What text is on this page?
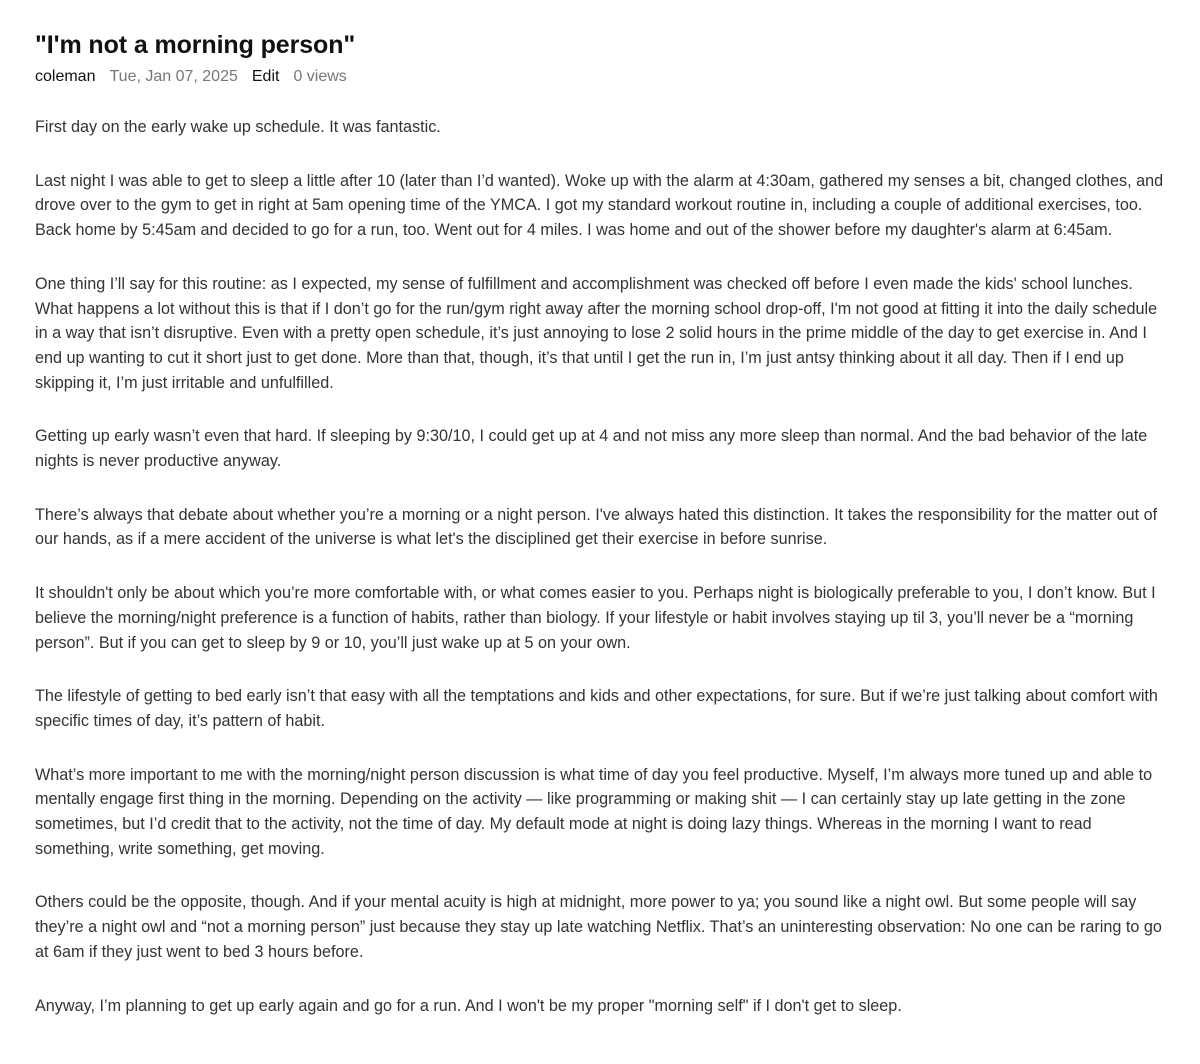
"I'm not a morning person"
coleman Tue, Jan 07, 2025 Edit 0 views

First day on the early wake up schedule. It was fantastic.

Last night I was able to get to sleep a little after 10 (later than I’d wanted). Woke up with the alarm at 4:30am, gathered my senses a bit, changed clothes, and drove over to the gym to get in right at 5am opening time of the YMCA. I got my standard workout routine in, including a couple of additional exercises, too. Back home by 5:45am and decided to go for a run, too. Went out for 4 miles. I was home and out of the shower before my daughter's alarm at 6:45am.

One thing I’ll say for this routine: as I expected, my sense of fulfillment and accomplishment was checked off before I even made the kids' school lunches. What happens a lot without this is that if I don’t go for the run/gym right away after the morning school drop-off, I'm not good at fitting it into the daily schedule in a way that isn’t disruptive. Even with a pretty open schedule, it’s just annoying to lose 2 solid hours in the prime middle of the day to get exercise in. And I end up wanting to cut it short just to get done. More than that, though, it’s that until I get the run in, I’m just antsy thinking about it all day. Then if I end up skipping it, I’m just irritable and unfulfilled.

Getting up early wasn’t even that hard. If sleeping by 9:30/10, I could get up at 4 and not miss any more sleep than normal. And the bad behavior of the late nights is never productive anyway.

There’s always that debate about whether you’re a morning or a night person. I've always hated this distinction. It takes the responsibility for the matter out of our hands, as if a mere accident of the universe is what let's the disciplined get their exercise in before sunrise.

It shouldn't only be about which you’re more comfortable with, or what comes easier to you. Perhaps night is biologically preferable to you, I don’t know. But I believe the morning/night preference is a function of habits, rather than biology. If your lifestyle or habit involves staying up til 3, you’ll never be a “morning person”. But if you can get to sleep by 9 or 10, you’ll just wake up at 5 on your own.

The lifestyle of getting to bed early isn’t that easy with all the temptations and kids and other expectations, for sure. But if we’re just talking about comfort with specific times of day, it’s pattern of habit.

What’s more important to me with the morning/night person discussion is what time of day you feel productive. Myself, I’m always more tuned up and able to mentally engage first thing in the morning. Depending on the activity — like programming or making shit — I can certainly stay up late getting in the zone sometimes, but I’d credit that to the activity, not the time of day. My default mode at night is doing lazy things. Whereas in the morning I want to read something, write something, get moving.

Others could be the opposite, though. And if your mental acuity is high at midnight, more power to ya; you sound like a night owl. But some people will say they’re a night owl and “not a morning person” just because they stay up late watching Netflix. That’s an uninteresting observation: No one can be raring to go at 6am if they just went to bed 3 hours before.

Anyway, I’m planning to get up early again and go for a run. And I won't be my proper "morning self" if I don't get to sleep.
